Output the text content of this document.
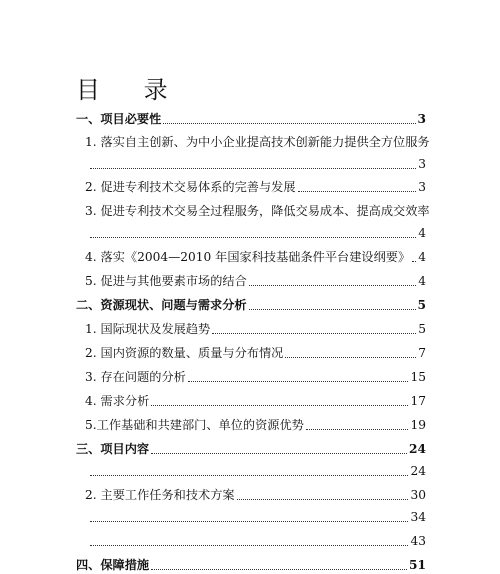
目 录
一、项目必要性	3
1. 落实自主创新、为中小企业提高技术创新能力提供全方位服务
3
2. 促进专利技术交易体系的完善与发展	3
3. 促进专利技术交易全过程服务，降低交易成本、提高成交效率
4
4. 落实《2004—2010 年国家科技基础条件平台建设纲要》 4
5. 促进与其他要素市场的结合	4
二、资源现状、问题与需求分析	5
1. 国际现状及发展趋势	5
2. 国内资源的数量、质量与分布情况	7
3. 存在问题的分析	15
4. 需求分析	17
5.工作基础和共建部门、单位的资源优势	19
三、项目内容	24
24
2. 主要工作任务和技术方案	30
34
43
四、保障措施	51
